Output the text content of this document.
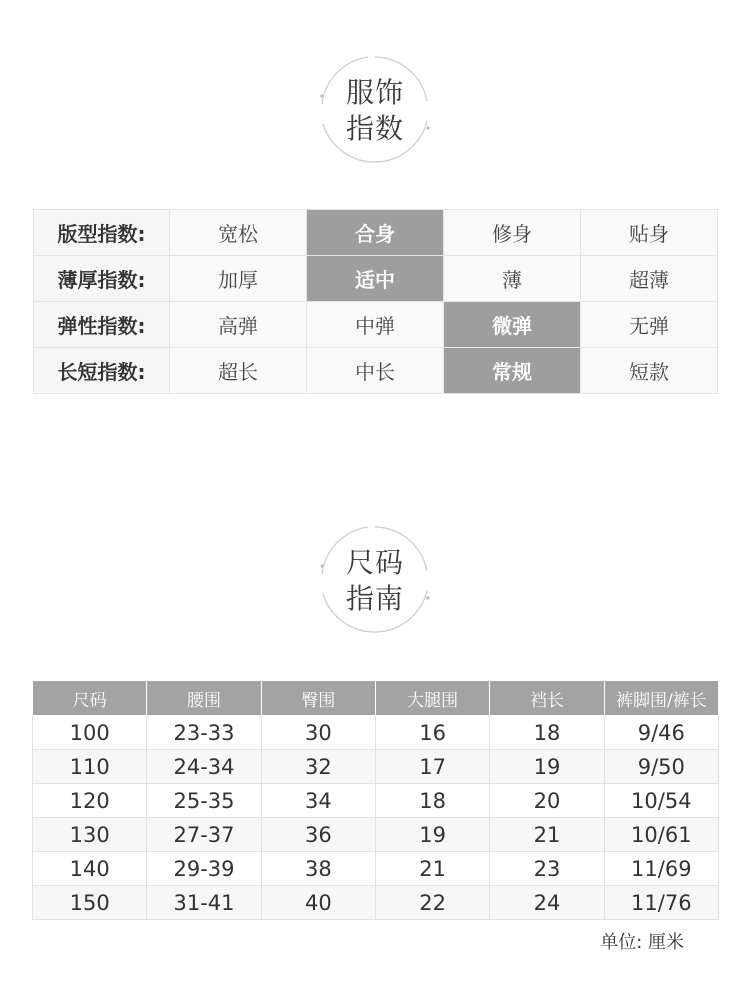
服饰
指数
版型指数:	宽松	合身	修身	贴身
薄厚指数:	加厚	适中	薄	超薄
弹性指数:	高弹	中弹	微弹	无弹
长短指数:	超长	中长	常规	短款
尺码
指南
尺码	腰围	臀围	大腿围	裆长	裤脚围/裤长
100	23-33	30	16	18	9/46
110	24-34	32	17	19	9/50
120	25-35	34	18	20	10/54
130	27-37	36	19	21	10/61
140	29-39	38	21	23	11/69
150	31-41	40	22	24	11/76
单位: 厘米
